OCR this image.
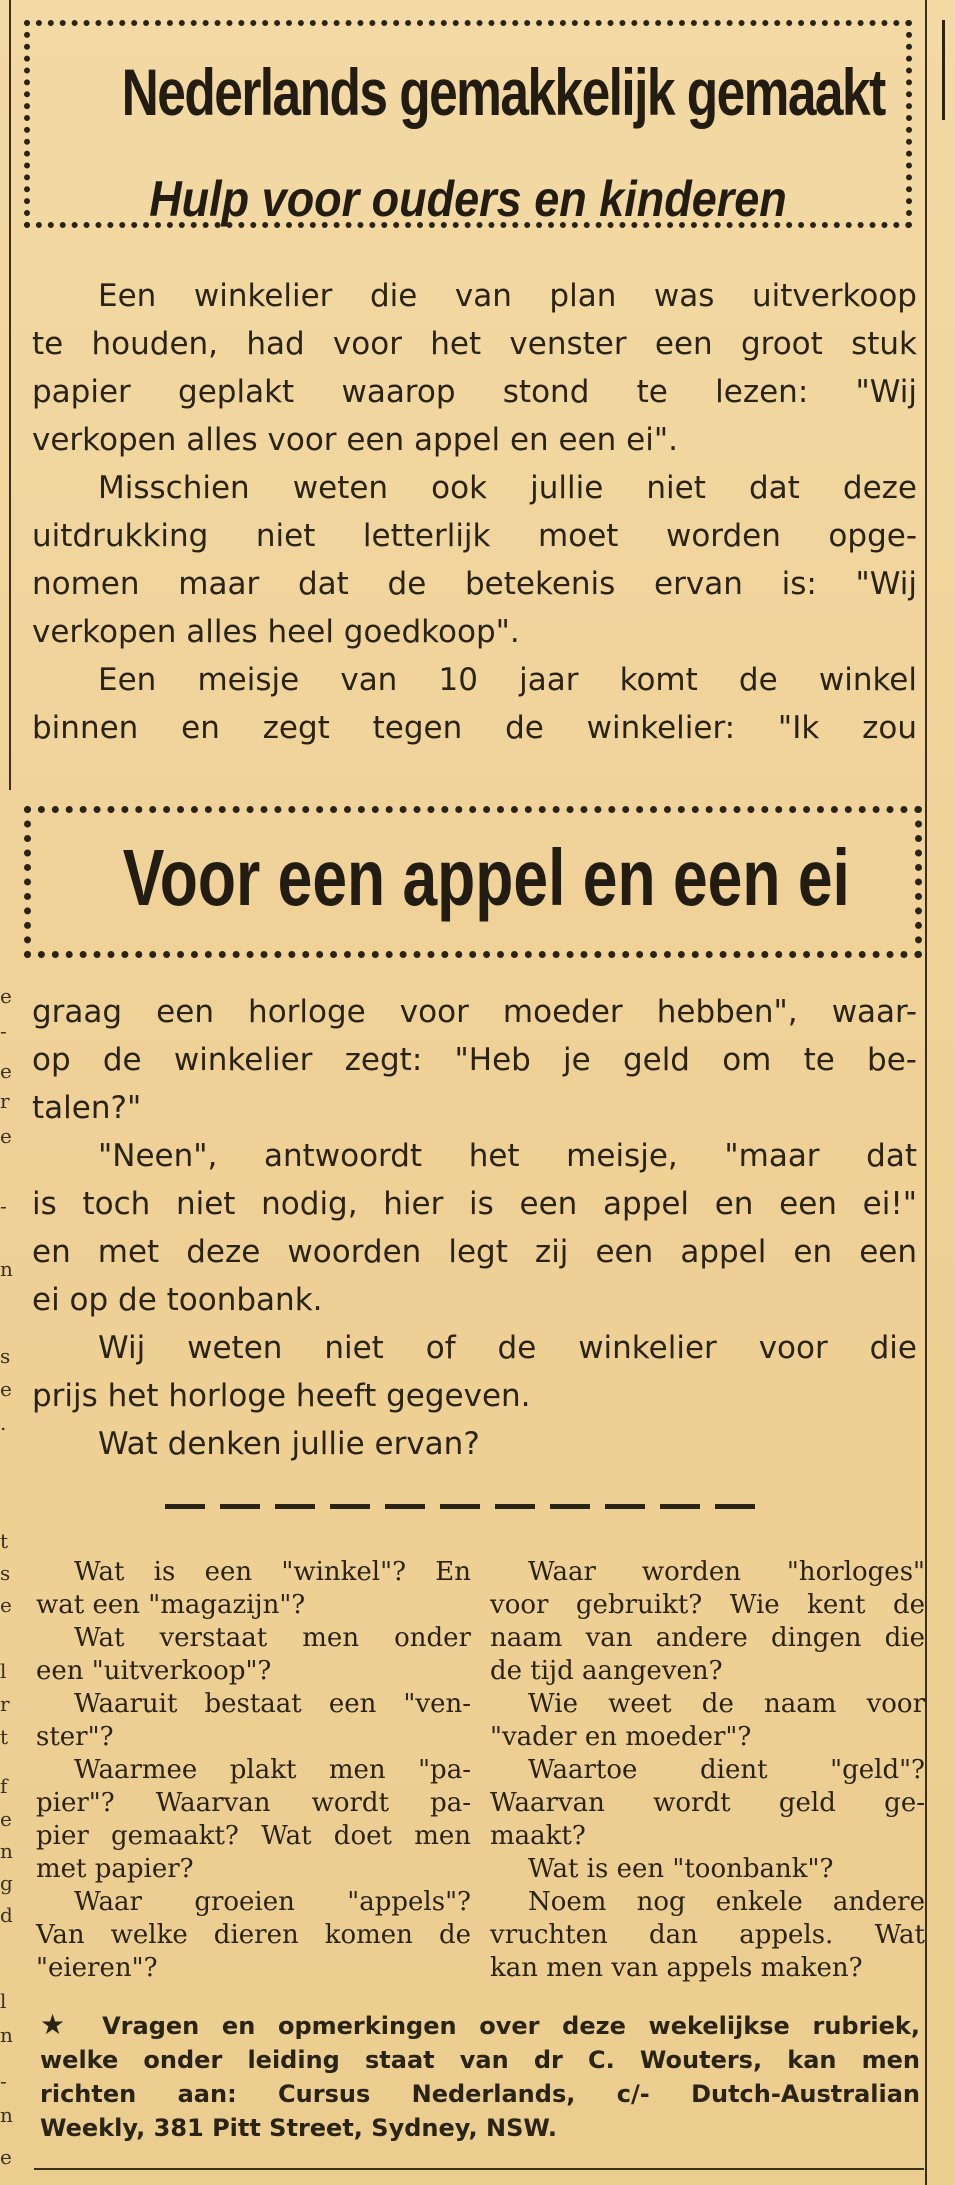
e
-
e
r
e
-
n
s
e
.
t
s
e
l
r
t
f
e
n
g
d
l
n
-
n
e
Nederlands gemakkelijk gemaakt
Hulp voor ouders en kinderen
Een winkelier die van plan was uitverkoop
te houden, had voor het venster een groot stuk
papier geplakt waarop stond te lezen: "Wij
verkopen alles voor een appel en een ei".
Misschien weten ook jullie niet dat deze
uitdrukking niet letterlijk moet worden opge-
nomen maar dat de betekenis ervan is: "Wij
verkopen alles heel goedkoop".
Een meisje van 10 jaar komt de winkel
binnen en zegt tegen de winkelier: "Ik zou
Voor een appel en een ei
graag een horloge voor moeder hebben", waar-
op de winkelier zegt: "Heb je geld om te be-
talen?"
"Neen", antwoordt het meisje, "maar dat
is toch niet nodig, hier is een appel en een ei!"
en met deze woorden legt zij een appel en een
ei op de toonbank.
Wij weten niet of de winkelier voor die
prijs het horloge heeft gegeven.
Wat denken jullie ervan?
Wat is een "winkel"? En
wat een "magazijn"?
Wat verstaat men onder
een "uitverkoop"?
Waaruit bestaat een "ven-
ster"?
Waarmee plakt men "pa-
pier"? Waarvan wordt pa-
pier gemaakt? Wat doet men
met papier?
Waar groeien "appels"?
Van welke dieren komen de
"eieren"?
Waar worden "horloges"
voor gebruikt? Wie kent de
naam van andere dingen die
de tijd aangeven?
Wie weet de naam voor
"vader en moeder"?
Waartoe dient "geld"?
Waarvan wordt geld ge-
maakt?
Wat is een "toonbank"?
Noem nog enkele andere
vruchten dan appels. Wat
kan men van appels maken?
★ Vragen en opmerkingen over deze wekelijkse rubriek,
welke onder leiding staat van dr C. Wouters, kan men
richten aan: Cursus Nederlands, c/- Dutch-Australian
Weekly, 381 Pitt Street, Sydney, NSW.
